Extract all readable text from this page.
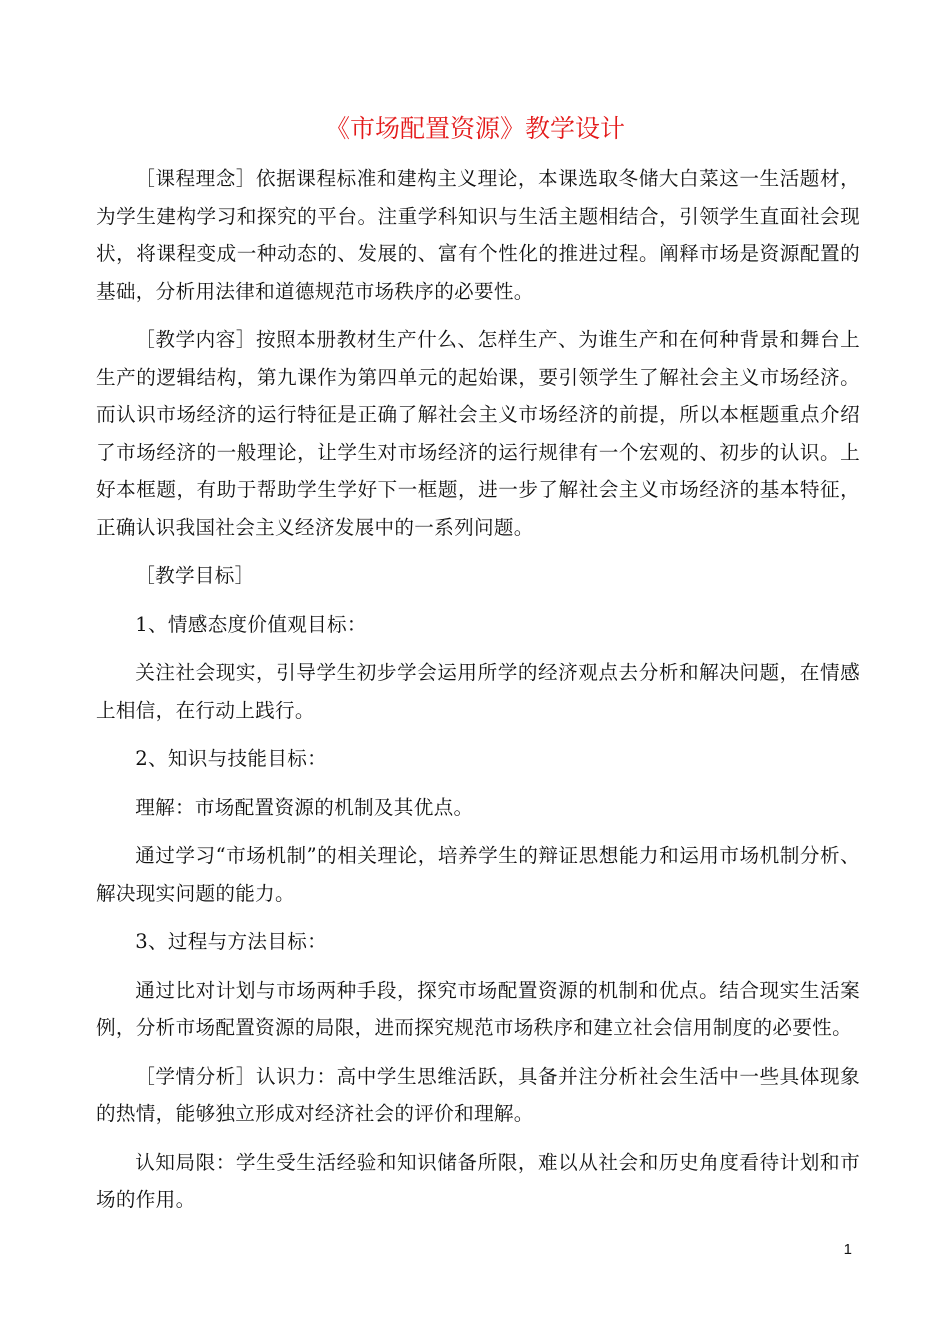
《市场配置资源》教学设计

［课程理念］依据课程标准和建构主义理论，本课选取冬储大白菜这一生活题材，为学生建构学习和探究的平台。注重学科知识与生活主题相结合，引领学生直面社会现状，将课程变成一种动态的、发展的、富有个性化的推进过程。阐释市场是资源配置的基础，分析用法律和道德规范市场秩序的必要性。

［教学内容］按照本册教材生产什么、怎样生产、为谁生产和在何种背景和舞台上生产的逻辑结构，第九课作为第四单元的起始课，要引领学生了解社会主义市场经济。而认识市场经济的运行特征是正确了解社会主义市场经济的前提，所以本框题重点介绍了市场经济的一般理论，让学生对市场经济的运行规律有一个宏观的、初步的认识。上好本框题，有助于帮助学生学好下一框题，进一步了解社会主义市场经济的基本特征，正确认识我国社会主义经济发展中的一系列问题。

［教学目标］

1、情感态度价值观目标：

关注社会现实，引导学生初步学会运用所学的经济观点去分析和解决问题，在情感上相信，在行动上践行。

2、知识与技能目标：

理解：市场配置资源的机制及其优点。

通过学习“市场机制”的相关理论，培养学生的辩证思想能力和运用市场机制分析、解决现实问题的能力。

3、过程与方法目标：

通过比对计划与市场两种手段，探究市场配置资源的机制和优点。结合现实生活案例，分析市场配置资源的局限，进而探究规范市场秩序和建立社会信用制度的必要性。

［学情分析］认识力：高中学生思维活跃，具备并注分析社会生活中一些具体现象的热情，能够独立形成对经济社会的评价和理解。

认知局限：学生受生活经验和知识储备所限，难以从社会和历史角度看待计划和市场的作用。

1
